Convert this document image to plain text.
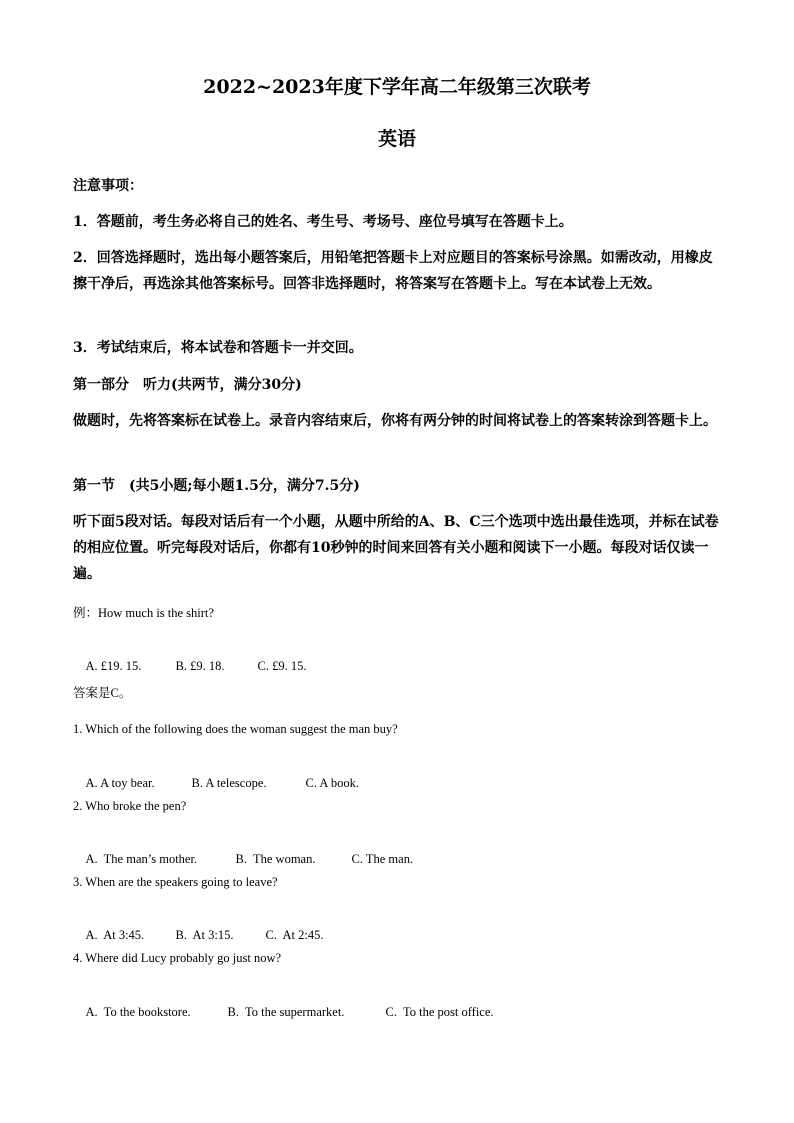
2022~2023年度下学年高二年级第三次联考
英语
注意事项：
1．答题前，考生务必将自己的姓名、考生号、考场号、座位号填写在答题卡上。
2．回答选择题时，选出每小题答案后，用铅笔把答题卡上对应题目的答案标号涂黑。如需改动，用橡皮擦干净后，再选涂其他答案标号。回答非选择题时，将答案写在答题卡上。写在本试卷上无效。
3．考试结束后，将本试卷和答题卡一并交回。
第一部分　听力(共两节，满分30分)
做题时，先将答案标在试卷上。录音内容结束后，你将有两分钟的时间将试卷上的答案转涂到答题卡上。
第一节　(共5小题;每小题1.5分，满分7.5分)
听下面5段对话。每段对话后有一个小题，从题中所给的A、B、C三个选项中选出最佳选项，并标在试卷的相应位置。听完每段对话后，你都有10秒钟的时间来回答有关小题和阅读下一小题。每段对话仅读一遍。
例：How much is the shirt?

A. £19. 15.	B. £9. 18.	C. £9. 15.

答案是C。
1. Which of the following does the woman suggest the man buy?

A. A toy bear.	B. A telescope.	C. A book.

2. Who broke the pen?

A.  The man’s mother.	B.  The woman.	C. The man.

3. When are the speakers going to leave?

A.  At 3:45.	B.  At 3:15.	C.  At 2:45.

4. Where did Lucy probably go just now?

A.  To the bookstore.	B.  To the supermarket.	C.  To the post office.
